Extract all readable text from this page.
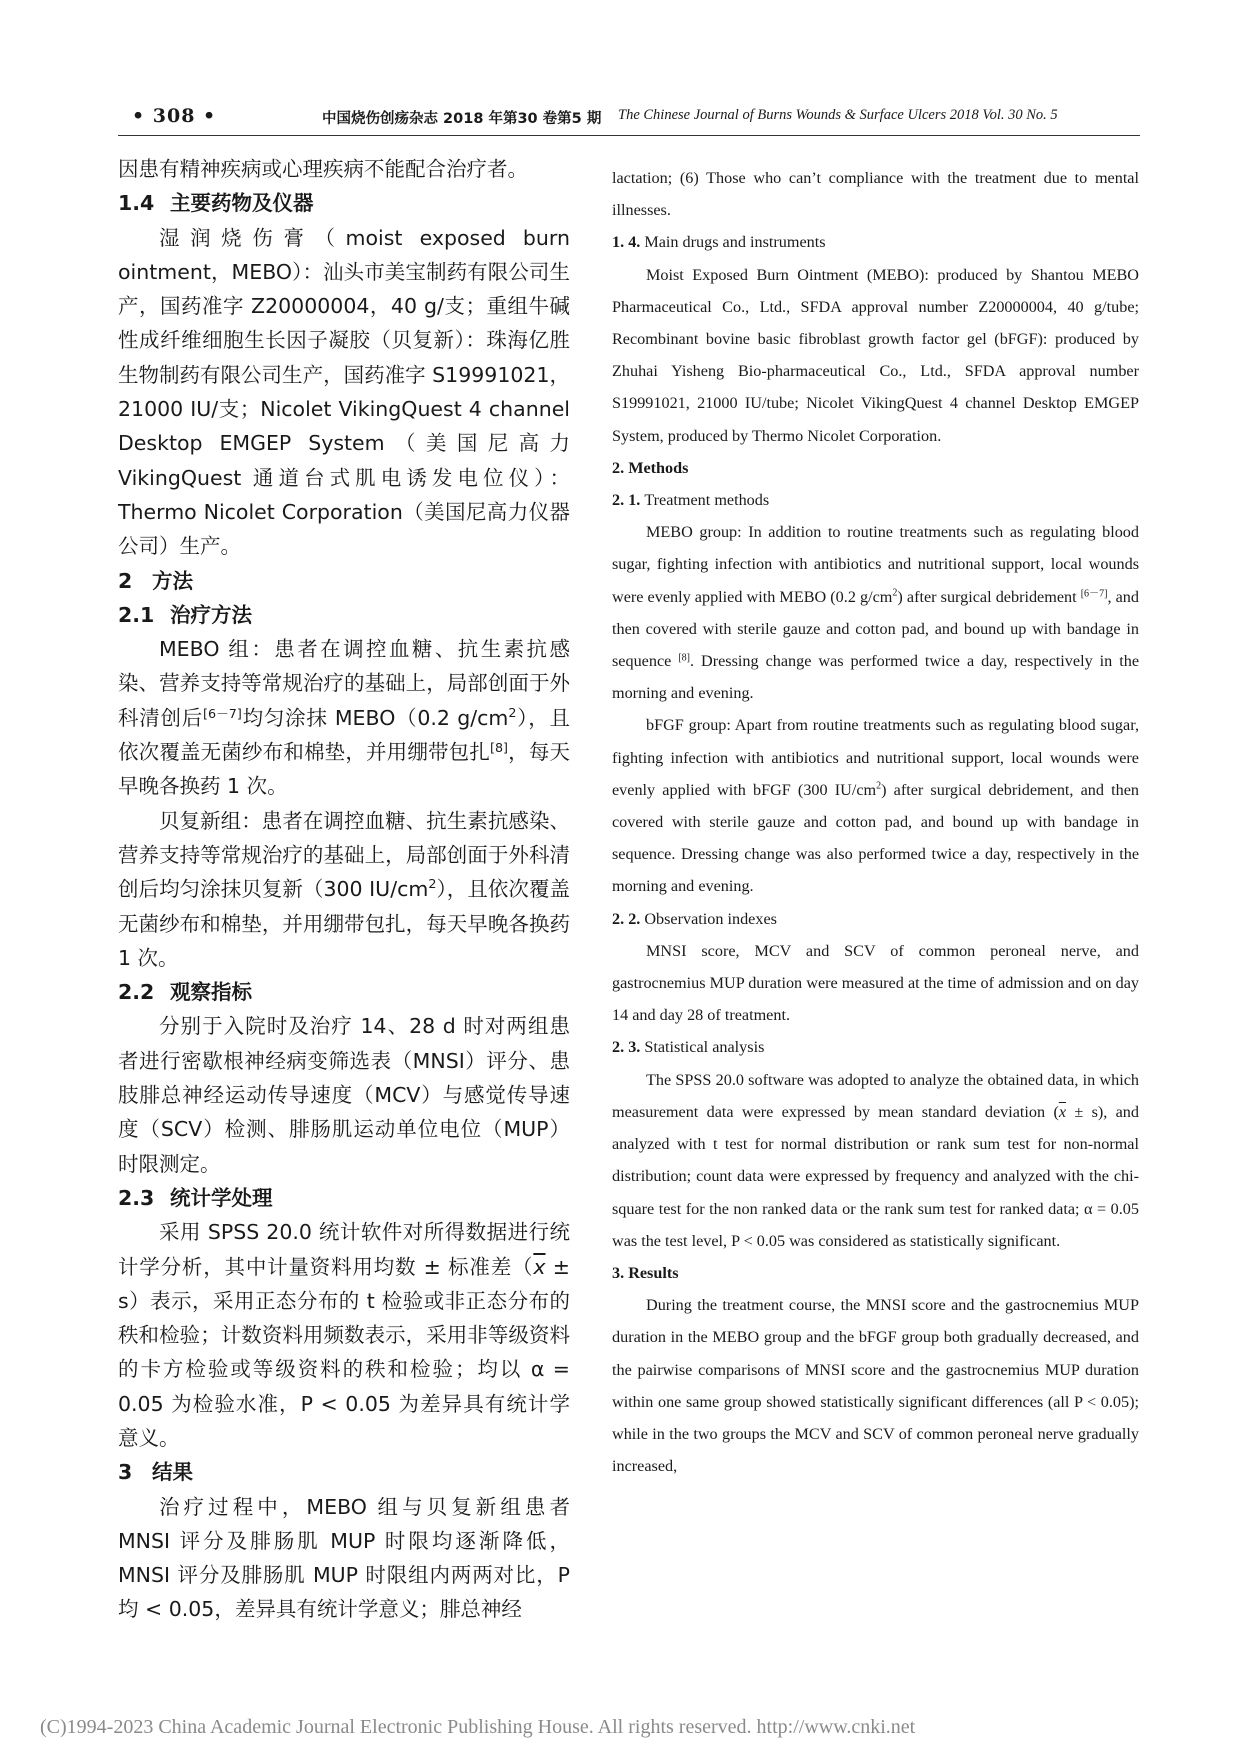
• 308 •	中国烧伤创疡杂志 2018 年第30 卷第5 期 The Chinese Journal of Burns Wounds & Surface Ulcers 2018 Vol. 30 No. 5

因患有精神疾病或心理疾病不能配合治疗者。

1.4 主要药物及仪器

湿润烧伤膏（moist exposed burn ointment，MEBO）：汕头市美宝制药有限公司生产，国药准字 Z20000004，40 g/支；重组牛碱性成纤维细胞生长因子凝胶（贝复新）：珠海亿胜生物制药有限公司生产，国药准字 S19991021，21000 IU/支；Nicolet VikingQuest 4 channel Desktop EMGEP System（美国尼高力 VikingQuest 通道台式肌电诱发电位仪）：Thermo Nicolet Corporation（美国尼高力仪器公司）生产。

2 方法
2.1 治疗方法

MEBO 组：患者在调控血糖、抗生素抗感染、营养支持等常规治疗的基础上，局部创面于外科清创后[6－7]均匀涂抹 MEBO（0.2 $g/cm^2$），且依次覆盖无菌纱布和棉垫，并用绷带包扎[8]，每天早晚各换药 1 次。

贝复新组：患者在调控血糖、抗生素抗感染、营养支持等常规治疗的基础上，局部创面于外科清创后均匀涂抹贝复新（300 $IU/cm^2$），且依次覆盖无菌纱布和棉垫，并用绷带包扎，每天早晚各换药 1 次。

2.2 观察指标

分别于入院时及治疗 14、28 d 时对两组患者进行密歇根神经病变筛选表（MNSI）评分、患肢腓总神经运动传导速度（MCV）与感觉传导速度（SCV）检测、腓肠肌运动单位电位（MUP）时限测定。

2.3 统计学处理

采用 SPSS 20.0 统计软件对所得数据进行统计学分析，其中计量资料用均数 ± 标准差$(\overline{x} \pm s)$表示，采用正态分布的 t 检验或非正态分布的秩和检验；计数资料用频数表示，采用非等级资料的卡方检验或等级资料的秩和检验；均以 α = 0.05 为检验水准，P < 0.05 为差异具有统计学意义。

3 结果

治疗过程中，MEBO 组与贝复新组患者 MNSI 评分及腓肠肌 MUP 时限均逐渐降低，MNSI 评分及腓肠肌 MUP 时限组内两两对比，P 均 < 0.05，差异具有统计学意义；腓总神经

lactation; (6) Those who can’t compliance with the treatment due to mental illnesses.

1. 4. Main drugs and instruments

Moist Exposed Burn Ointment (MEBO): produced by Shantou MEBO Pharmaceutical Co., Ltd., SFDA approval number Z20000004, 40 g/tube; Recombinant bovine basic fibroblast growth factor gel (bFGF): produced by Zhuhai Yisheng Bio-pharmaceutical Co., Ltd., SFDA approval number S19991021, 21000 IU/tube; Nicolet VikingQuest 4 channel Desktop EMGEP System, produced by Thermo Nicolet Corporation.

2. Methods
2. 1. Treatment methods

MEBO group: In addition to routine treatments such as regulating blood sugar, fighting infection with antibiotics and nutritional support, local wounds were evenly applied with MEBO (0.2 $g/cm^2$) after surgical debridement [6－7], and then covered with sterile gauze and cotton pad, and bound up with bandage in sequence [8]. Dressing change was performed twice a day, respectively in the morning and evening.

bFGF group: Apart from routine treatments such as regulating blood sugar, fighting infection with antibiotics and nutritional support, local wounds were evenly applied with bFGF (300 $IU/cm^2$) after surgical debridement, and then covered with sterile gauze and cotton pad, and bound up with bandage in sequence. Dressing change was also performed twice a day, respectively in the morning and evening.

2. 2. Observation indexes

MNSI score, MCV and SCV of common peroneal nerve, and gastrocnemius MUP duration were measured at the time of admission and on day 14 and day 28 of treatment.

2. 3. Statistical analysis

The SPSS 20.0 software was adopted to analyze the obtained data, in which measurement data were expressed by mean standard deviation $(\overline{x} \pm s)$, and analyzed with t test for normal distribution or rank sum test for non-normal distribution; count data were expressed by frequency and analyzed with the chi-square test for the non ranked data or the rank sum test for ranked data; α = 0.05 was the test level, P < 0.05 was considered as statistically significant.

3. Results

During the treatment course, the MNSI score and the gastrocnemius MUP duration in the MEBO group and the bFGF group both gradually decreased, and the pairwise comparisons of MNSI score and the gastrocnemius MUP duration within one same group showed statistically significant differences (all P < 0.05); while in the two groups the MCV and SCV of common peroneal nerve gradually increased,

(C)1994-2023 China Academic Journal Electronic Publishing House. All rights reserved. http://www.cnki.net
